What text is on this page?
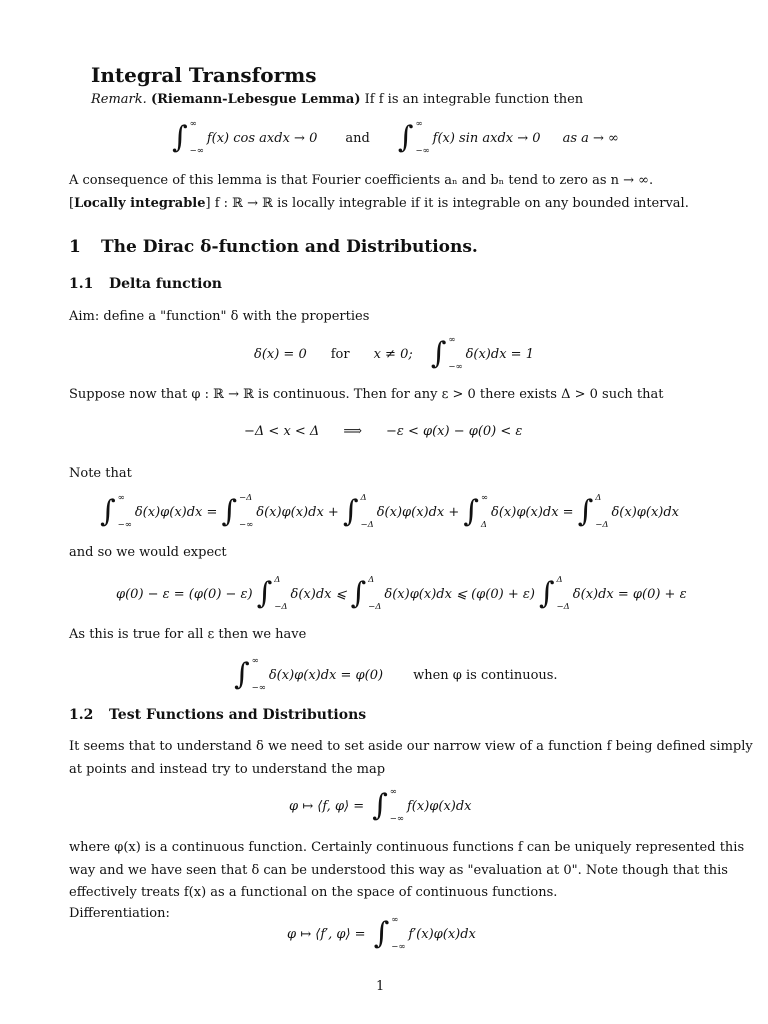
Integral Transforms
Remark. (Riemann-Lebesgue Lemma) If f is an integrable function then
∫ ∞
−∞
f(x) cos axdx → 0 and ∫ ∞
−∞
f(x) sin axdx → 0 as a → ∞
A consequence of this lemma is that Fourier coefficients aₙ and bₙ tend to zero as n → ∞.
[Locally integrable] f : ℝ → ℝ is locally integrable if it is integrable on any bounded interval.
1 The Dirac δ-function and Distributions.
1.1 Delta function
Aim: define a "function" δ with the properties
δ(x) = 0 for x ≠ 0; ∫ ∞
−∞
δ(x)dx = 1
Suppose now that φ : ℝ → ℝ is continuous. Then for any ε > 0 there exists Δ > 0 such that
−Δ < x < Δ ⟹ −ε < φ(x) − φ(0) < ε
Note that
∫ ∞
−∞
δ(x)φ(x)dx = ∫ −Δ
−∞
δ(x)φ(x)dx + ∫ Δ
−Δ
δ(x)φ(x)dx + ∫ ∞
Δ
δ(x)φ(x)dx = ∫ Δ
−Δ
δ(x)φ(x)dx
and so we would expect
φ(0) − ε = (φ(0) − ε) ∫ Δ
−Δ
δ(x)dx ⩽ ∫ Δ
−Δ
δ(x)φ(x)dx ⩽ (φ(0) + ε) ∫ Δ
−Δ
δ(x)dx = φ(0) + ε
As this is true for all ε then we have
∫ ∞
−∞
δ(x)φ(x)dx = φ(0) when φ is continuous.
1.2 Test Functions and Distributions
It seems that to understand δ we need to set aside our narrow view of a function f being defined simply
at points and instead try to understand the map
φ ↦ ⟨f, φ⟩ = ∫ ∞
−∞
f(x)φ(x)dx
where φ(x) is a continuous function. Certainly continuous functions f can be uniquely represented this
way and we have seen that δ can be understood this way as "evaluation at 0". Note though that this
effectively treats f(x) as a functional on the space of continuous functions.
Differentiation:
φ ↦ ⟨f′, φ⟩ = ∫ ∞
−∞
f′(x)φ(x)dx
1
